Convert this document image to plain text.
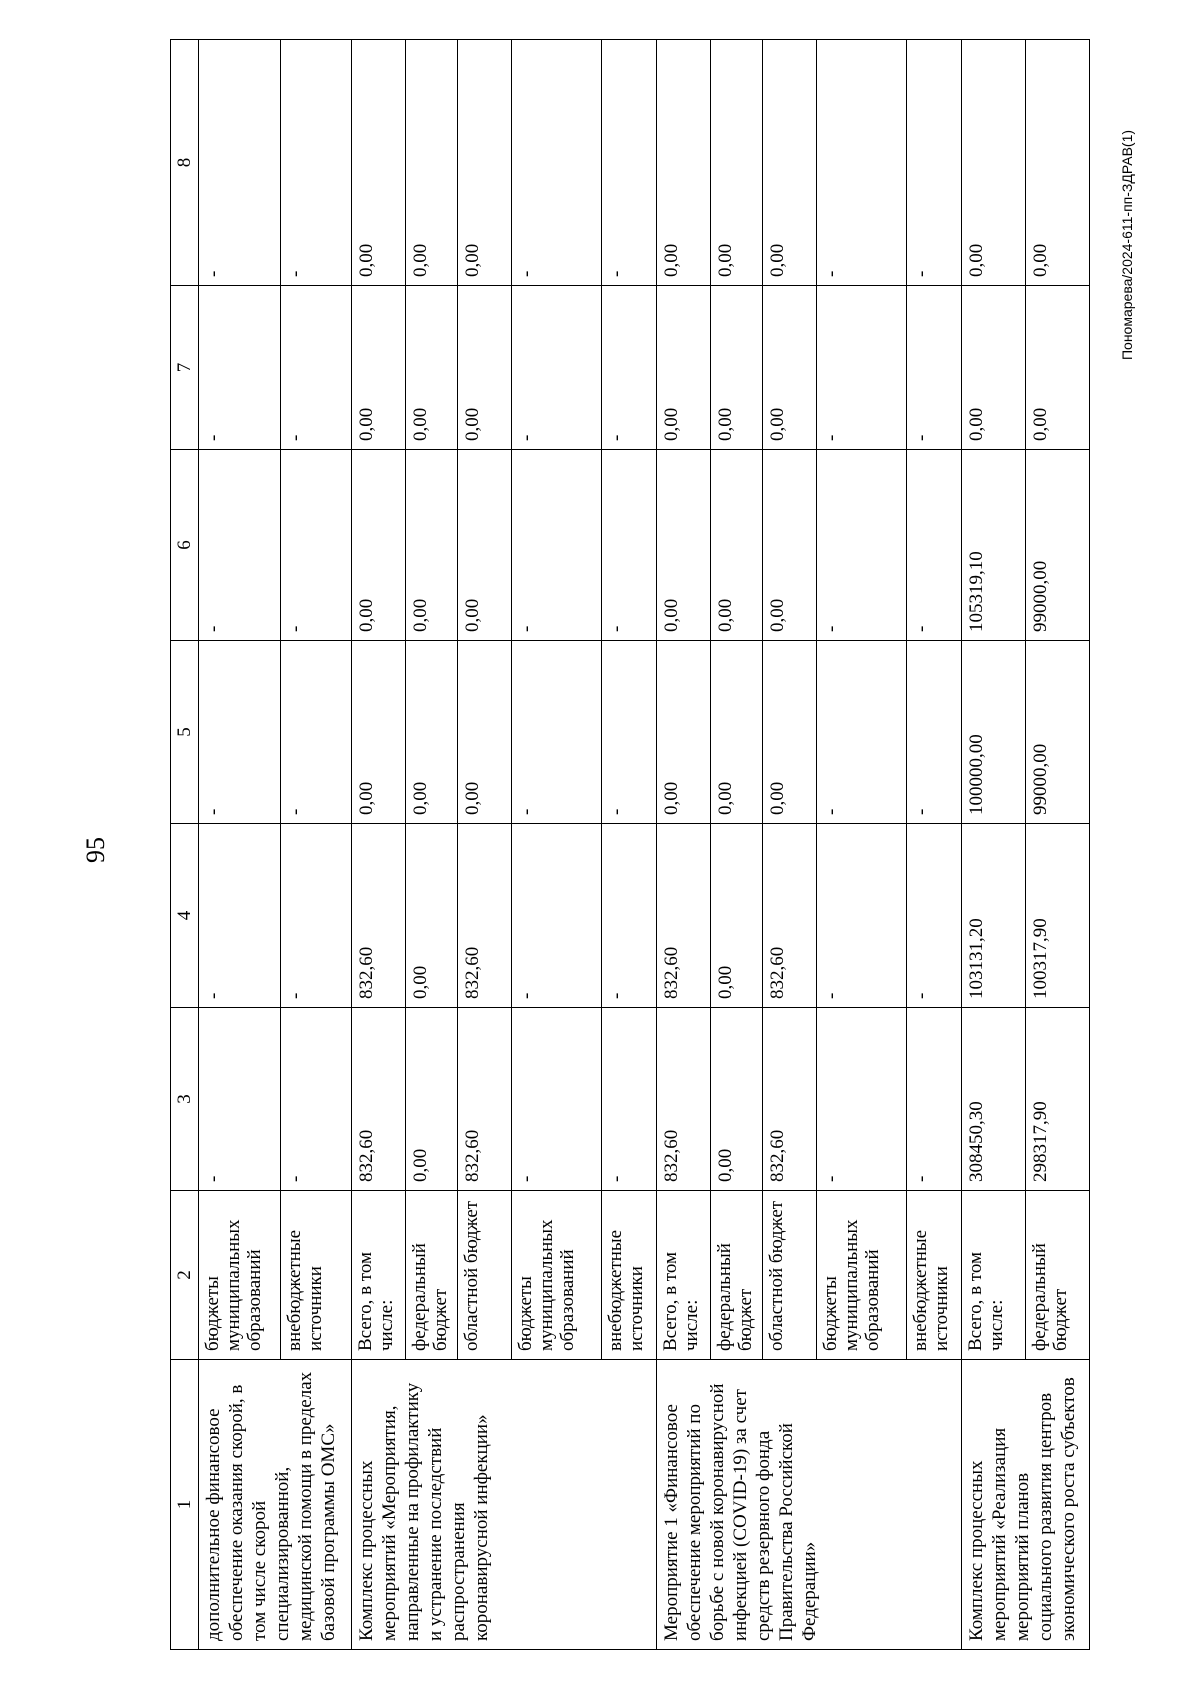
95
Пономарева/2024-611-пп-ЗДРАВ(1)
1	2	3	4	5	6	7	8
дополнительное финансовое обеспечение оказания скорой, в том числе скорой специализированной, медицинской помощи в пределах базовой программы ОМС»	бюджеты муниципальных образований	-	-	-	-	-	-
	внебюджетные источники	-	-	-	-	-	-
Комплекс процессных мероприятий «Мероприятия, направленные на профилактику и устранение последствий распространения коронавирусной инфекции»	Всего, в том числе:	832,60	832,60	0,00	0,00	0,00	0,00
	федеральный бюджет	0,00	0,00	0,00	0,00	0,00	0,00
	областной бюджет	832,60	832,60	0,00	0,00	0,00	0,00
	бюджеты муниципальных образований	-	-	-	-	-	-
	внебюджетные источники	-	-	-	-	-	-
Мероприятие 1 «Финансовое обеспечение мероприятий по борьбе с новой коронавирусной инфекцией (COVID-19) за счет средств резервного фонда Правительства Российской Федерации»	Всего, в том числе:	832,60	832,60	0,00	0,00	0,00	0,00
	федеральный бюджет	0,00	0,00	0,00	0,00	0,00	0,00
	областной бюджет	832,60	832,60	0,00	0,00	0,00	0,00
	бюджеты муниципальных образований	-	-	-	-	-	-
	внебюджетные источники	-	-	-	-	-	-
Комплекс процессных мероприятий «Реализация мероприятий планов социального развития центров экономического роста субъектов	Всего, в том числе:	308450,30	103131,20	100000,00	105319,10	0,00	0,00
	федеральный бюджет	298317,90	100317,90	99000,00	99000,00	0,00	0,00
